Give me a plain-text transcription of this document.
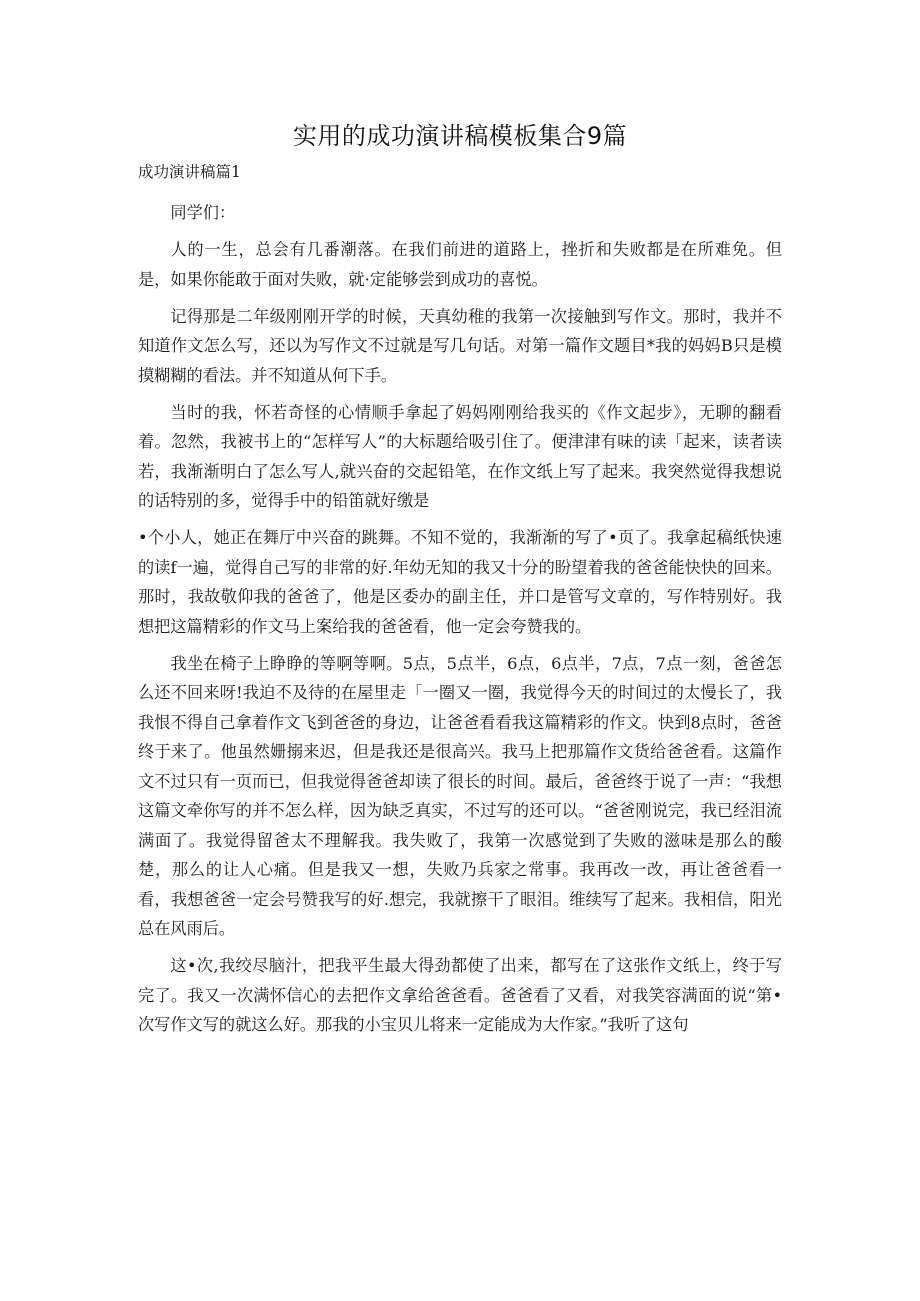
实用的成功演讲稿模板集合9篇
成功演讲稿篇1

同学们：

人的一生，总会有几番潮落。在我们前进的道路上，挫折和失败都是在所难免。但是，如果你能敢于面对失败，就·定能够尝到成功的喜悦。

记得那是二年级刚刚开学的时候，天真幼稚的我第一次接触到写作文。那时，我并不知道作文怎么写，还以为写作文不过就是写几句话。对第一篇作文题目*我的妈妈B只是模摸糊糊的看法。并不知道从何下手。

当时的我，怀若奇怪的心情顺手拿起了妈妈刚刚给我买的《作文起步》，无聊的翻看着。忽然，我被书上的“怎样写人”的大标题给吸引住了。便津津有味的读「起来，读者读若，我渐渐明白了怎么写人,就兴奋的交起铅笔，在作文纸上写了起来。我突然觉得我想说的话特别的多，觉得手中的铅笛就好缴是

•个小人，她正在舞厅中兴奋的跳舞。不知不觉的，我渐渐的写了•页了。我拿起稿纸快速的读f一遍，觉得自己写的非常的好.年幼无知的我又十分的盼望着我的爸爸能快快的回来。那时，我故敬仰我的爸爸了，他是区委办的副主任，并口是管写文章的，写作特别好。我想把这篇精彩的作文马上案给我的爸爸看，他一定会夸赞我的。

我坐在椅子上睁睁的等啊等啊。5点，5点半，6点，6点半，7点，7点一刻，爸爸怎么还不回来呀!我迫不及待的在屋里走「一圈又一圈，我觉得今天的时间过的太慢长了，我我恨不得自己拿着作文飞到爸爸的身边，让爸爸看看我这篇精彩的作文。快到8点时，爸爸终于来了。他虽然姗搦来迟，但是我还是很高兴。我马上把那篇作文货给爸爸看。这篇作文不过只有一页而已，但我觉得爸爸却读了很长的时间。最后，爸爸终于说了一声：“我想这篇文牵你写的并不怎么样，因为缺乏真实，不过写的还可以。“爸爸刚说完，我已经泪流满面了。我觉得留爸太不理解我。我失败了，我第一次感觉到了失败的滋味是那么的酸楚，那么的让人心痛。但是我又一想，失败乃兵家之常事。我再改一改，再让爸爸看一看，我想爸爸一定会号赞我写的好.想完，我就擦干了眼泪。维续写了起来。我相信，阳光总在风雨后。

这•次,我绞尽脑汁，把我平生最大得劲都使了出来，都写在了这张作文纸上，终于写完了。我又一次满怀信心的去把作文拿给爸爸看。爸爸看了又看，对我笑容满面的说“第•次写作文写的就这么好。那我的小宝贝儿将来一定能成为大作家。”我听了这句
